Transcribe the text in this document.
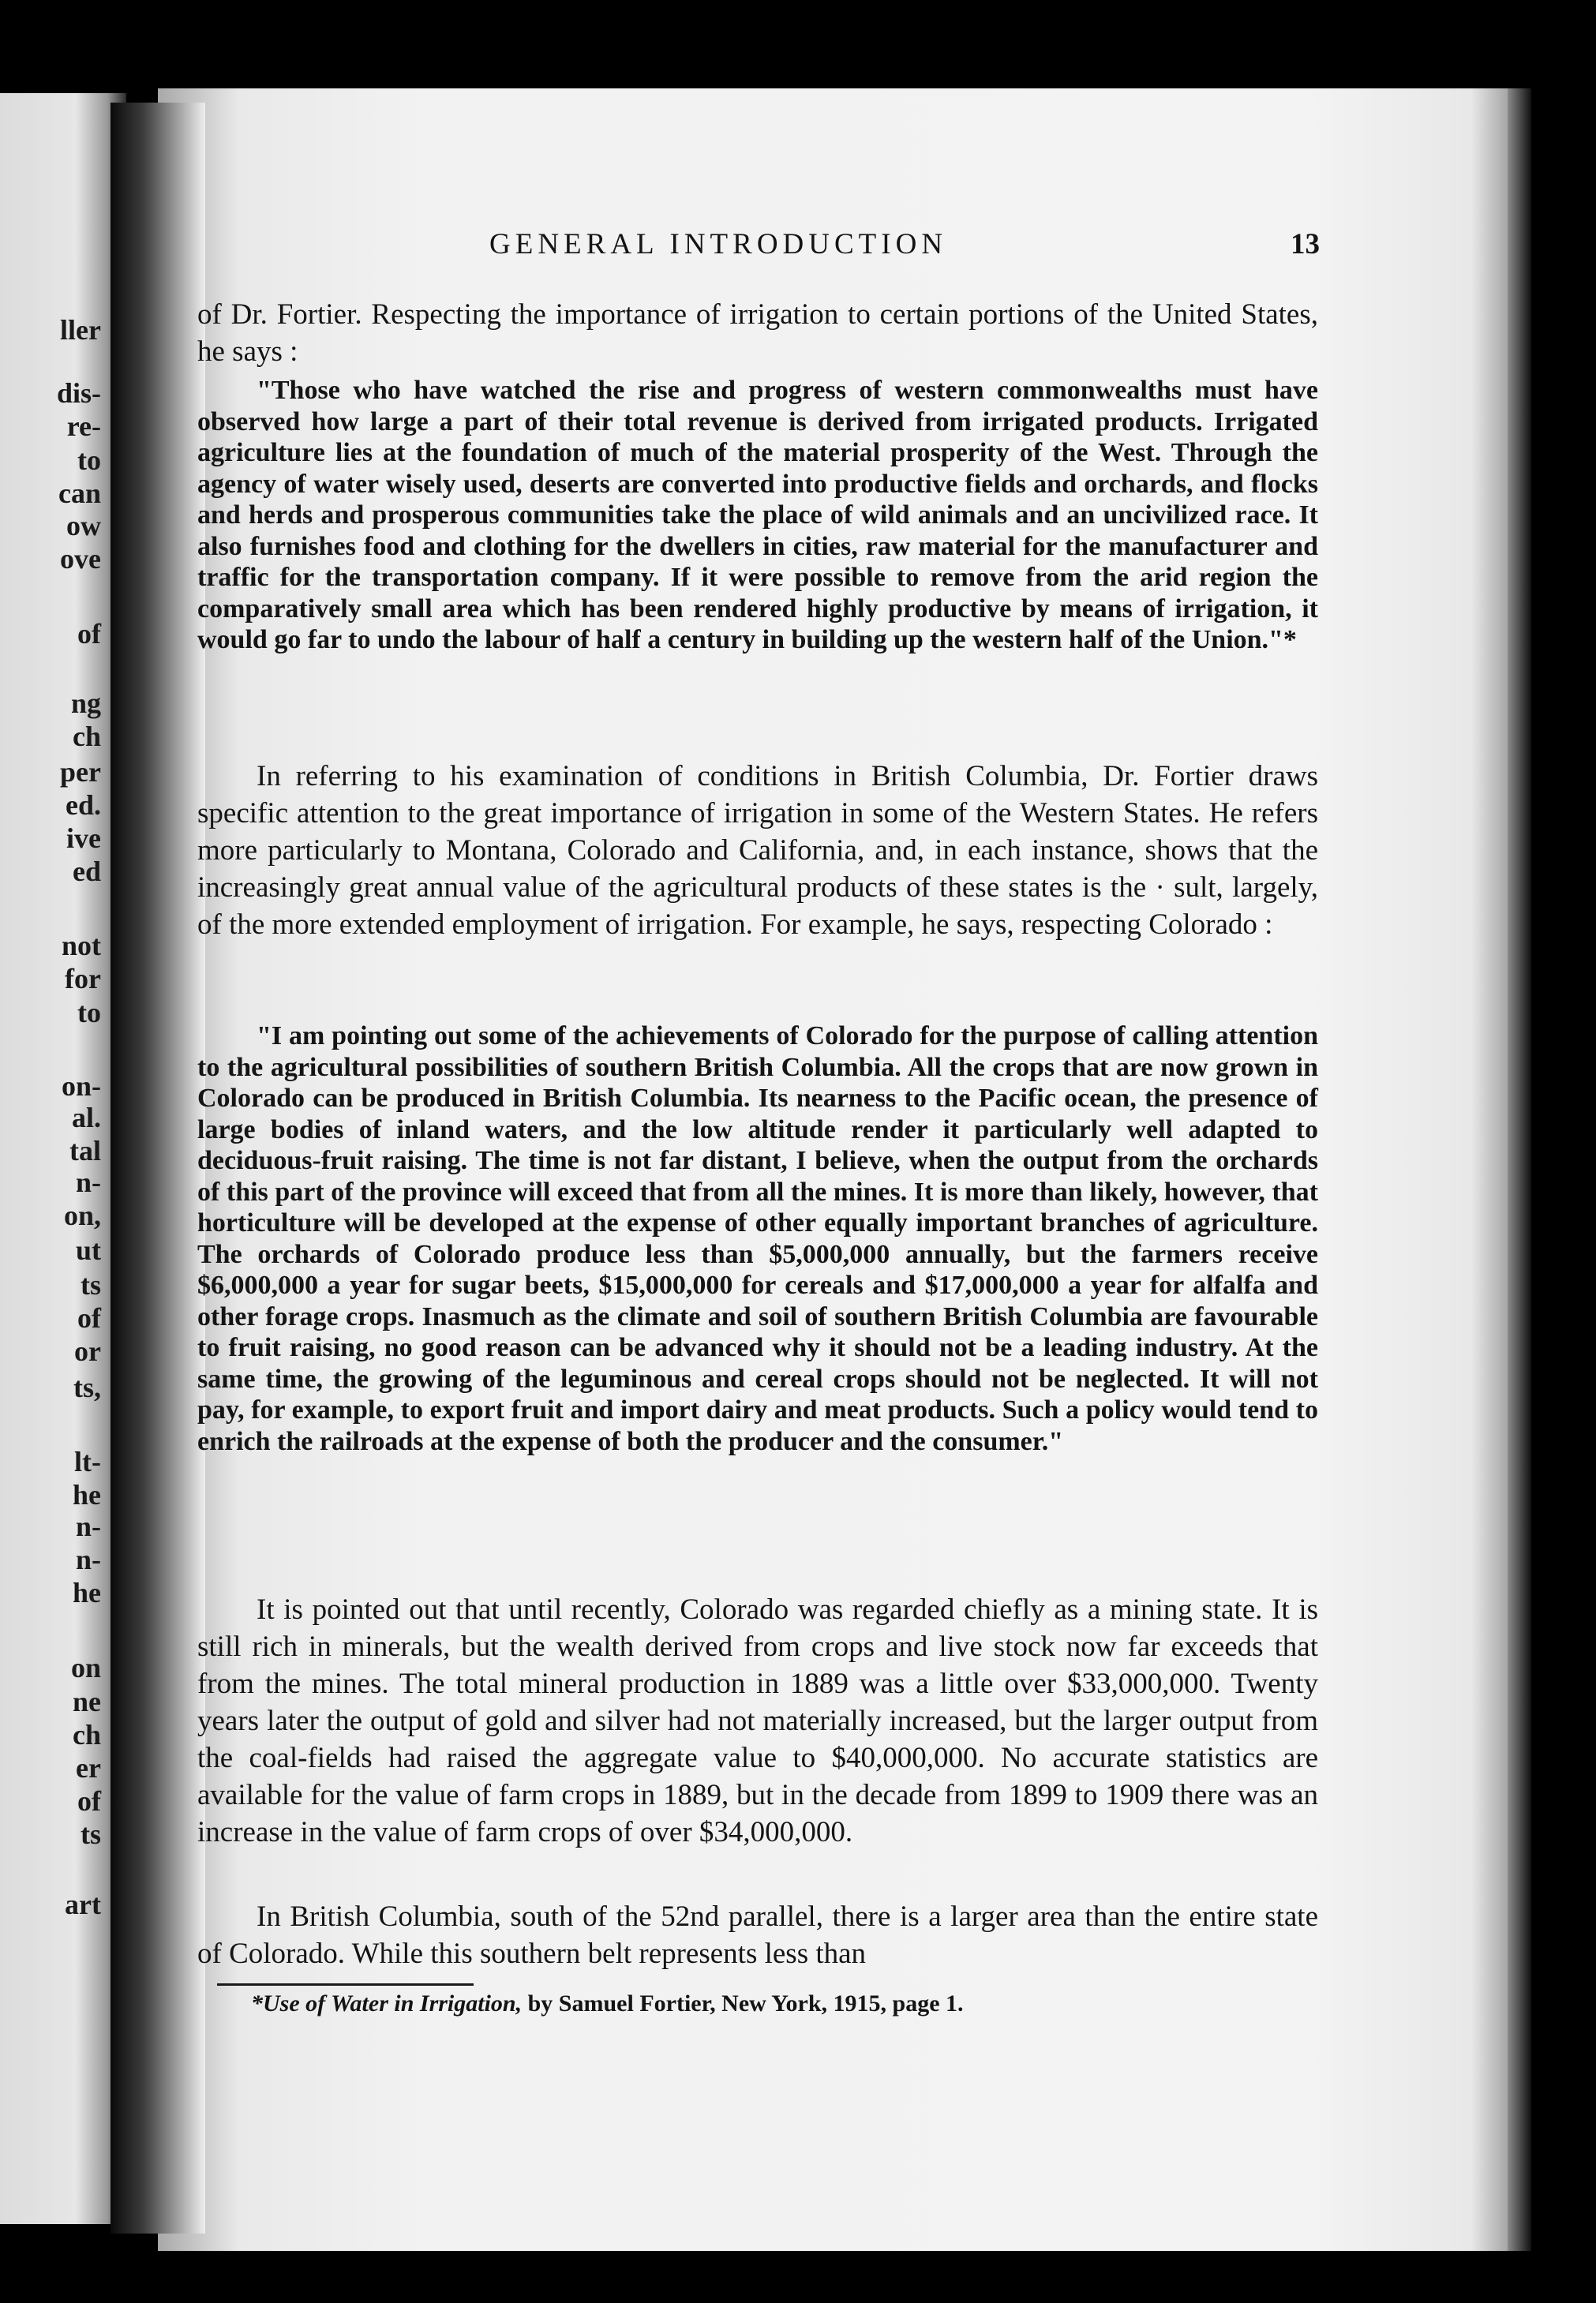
ller
dis-
re-
to
can
ow
ove
of
ng
ch
per
ed.
ive
ed
not
for
to
on-
al.
tal
n-
on,
ut
ts
of
or
ts,
lt-
he
n-
n-
he
on
ne
ch
er
of
ts
art
GENERAL INTRODUCTION	13
of Dr. Fortier. Respecting the importance of irrigation to certain portions of the United States, he says :
"Those who have watched the rise and progress of western commonwealths must have observed how large a part of their total revenue is derived from irrigated products. Irrigated agriculture lies at the foundation of much of the material prosperity of the West. Through the agency of water wisely used, deserts are converted into productive fields and orchards, and flocks and herds and prosperous communities take the place of wild animals and an uncivilized race. It also furnishes food and clothing for the dwellers in cities, raw material for the manufacturer and traffic for the transportation company. If it were possible to remove from the arid region the comparatively small area which has been rendered highly productive by means of irrigation, it would go far to undo the labour of half a century in building up the western half of the Union."*
In referring to his examination of conditions in British Columbia, Dr. Fortier draws specific attention to the great importance of irrigation in some of the Western States. He refers more particularly to Montana, Colorado and California, and, in each instance, shows that the increasingly great annual value of the agricultural products of these states is the · sult, largely, of the more extended employment of irrigation. For example, he says, respecting Colorado :
"I am pointing out some of the achievements of Colorado for the purpose of calling attention to the agricultural possibilities of southern British Columbia. All the crops that are now grown in Colorado can be produced in British Columbia. Its nearness to the Pacific ocean, the presence of large bodies of inland waters, and the low altitude render it particularly well adapted to deciduous-fruit raising. The time is not far distant, I believe, when the output from the orchards of this part of the province will exceed that from all the mines. It is more than likely, however, that horticulture will be developed at the expense of other equally important branches of agriculture. The orchards of Colorado produce less than $5,000,000 annually, but the farmers receive $6,000,000 a year for sugar beets, $15,000,000 for cereals and $17,000,000 a year for alfalfa and other forage crops. Inasmuch as the climate and soil of southern British Columbia are favourable to fruit raising, no good reason can be advanced why it should not be a leading industry. At the same time, the growing of the leguminous and cereal crops should not be neglected. It will not pay, for example, to export fruit and import dairy and meat products. Such a policy would tend to enrich the railroads at the expense of both the producer and the consumer."
It is pointed out that until recently, Colorado was regarded chiefly as a mining state. It is still rich in minerals, but the wealth derived from crops and live stock now far exceeds that from the mines. The total mineral production in 1889 was a little over $33,000,000. Twenty years later the output of gold and silver had not materially increased, but the larger output from the coal-fields had raised the aggregate value to $40,000,000. No accurate statistics are available for the value of farm crops in 1889, but in the decade from 1899 to 1909 there was an increase in the value of farm crops of over $34,000,000.
In British Columbia, south of the 52nd parallel, there is a larger area than the entire state of Colorado. While this southern belt represents less than
*Use of Water in Irrigation, by Samuel Fortier, New York, 1915, page 1.
